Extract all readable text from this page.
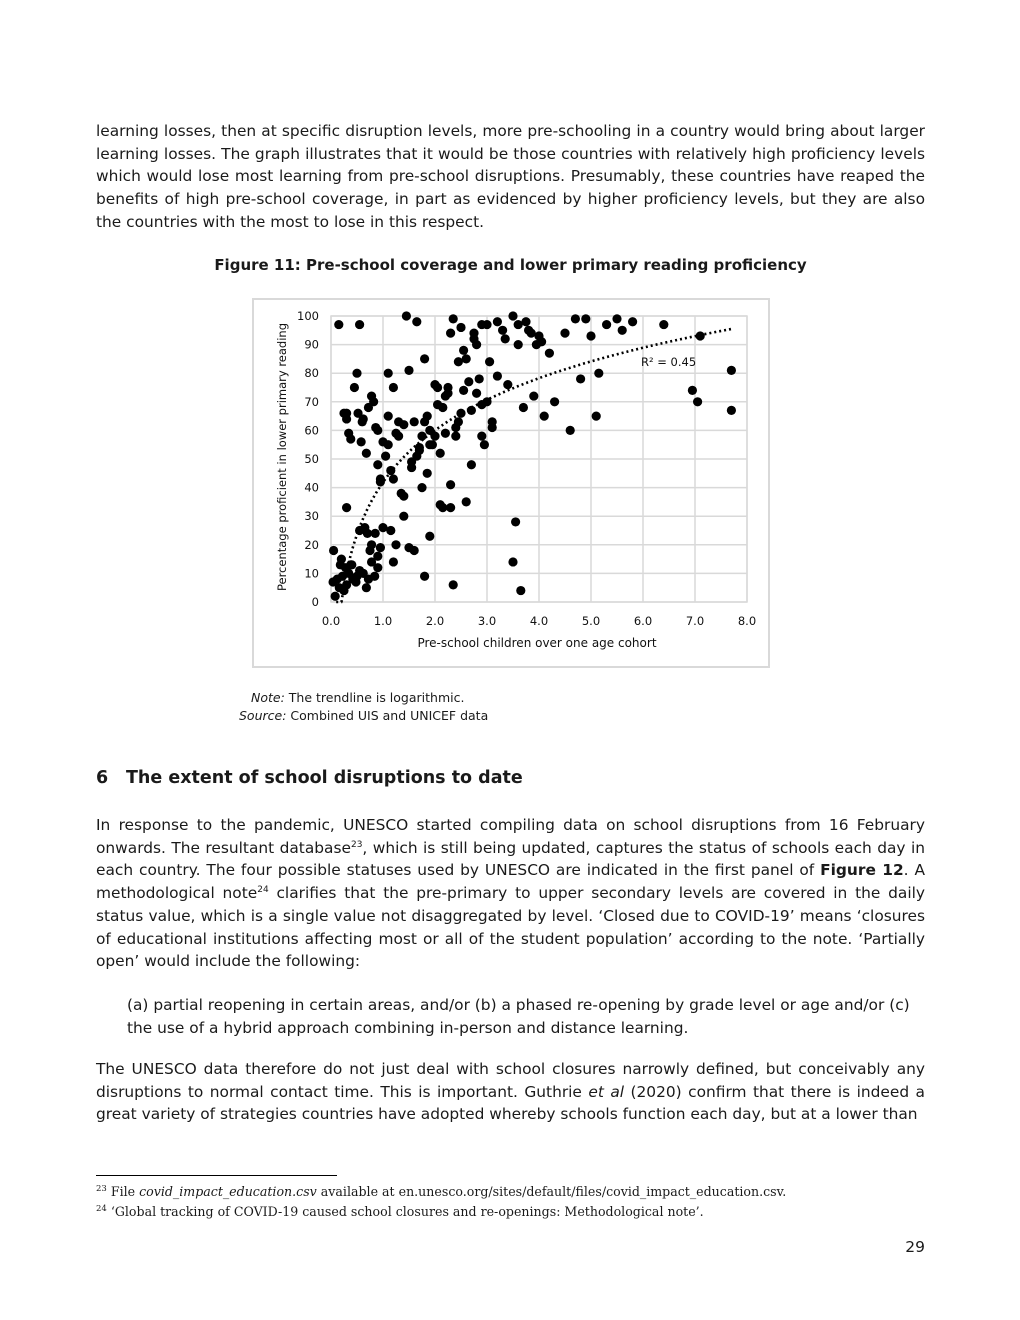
learning losses, then at specific disruption levels, more pre-schooling in a country would bring about larger learning losses. The graph illustrates that it would be those countries with relatively high proficiency levels which would lose most learning from pre-school disruptions. Presumably, these countries have reaped the benefits of high pre-school coverage, in part as evidenced by higher proficiency levels, but they are also the countries with the most to lose in this respect.

Figure 11: Pre-school coverage and lower primary reading proficiency

0
10
20
30
40
50
60
70
80
90
100
0.0	1.0	2.0	3.0	4.0	5.0	6.0	7.0	8.0
R² = 0.45
Pre-school children over one age cohort
Percentage proficient in lower primary reading

Note: The trendline is logarithmic.

Source: Combined UIS and UNICEF data

6 The extent of school disruptions to date

In response to the pandemic, UNESCO started compiling data on school disruptions from 16 February onwards. The resultant database$^{23}$, which is still being updated, captures the status of schools each day in each country. The four possible statuses used by UNESCO are indicated in the first panel of Figure 12. A methodological note$^{24}$ clarifies that the pre-primary to upper secondary levels are covered in the daily status value, which is a single value not disaggregated by level. ‘Closed due to COVID-19’ means ‘closures of educational institutions affecting most or all of the student population’ according to the note. ‘Partially open’ would include the following:

(a) partial reopening in certain areas, and/or (b) a phased re-opening by grade level or age and/or (c) the use of a hybrid approach combining in-person and distance learning.

The UNESCO data therefore do not just deal with school closures narrowly defined, but conceivably any disruptions to normal contact time. This is important. Guthrie et al (2020) confirm that there is indeed a great variety of strategies countries have adopted whereby schools function each day, but at a lower than

$^{23}$ File covid_impact_education.csv available at en.unesco.org/sites/default/files/covid_impact_education.csv.

$^{24}$ ‘Global tracking of COVID-19 caused school closures and re-openings: Methodological note’.

29
